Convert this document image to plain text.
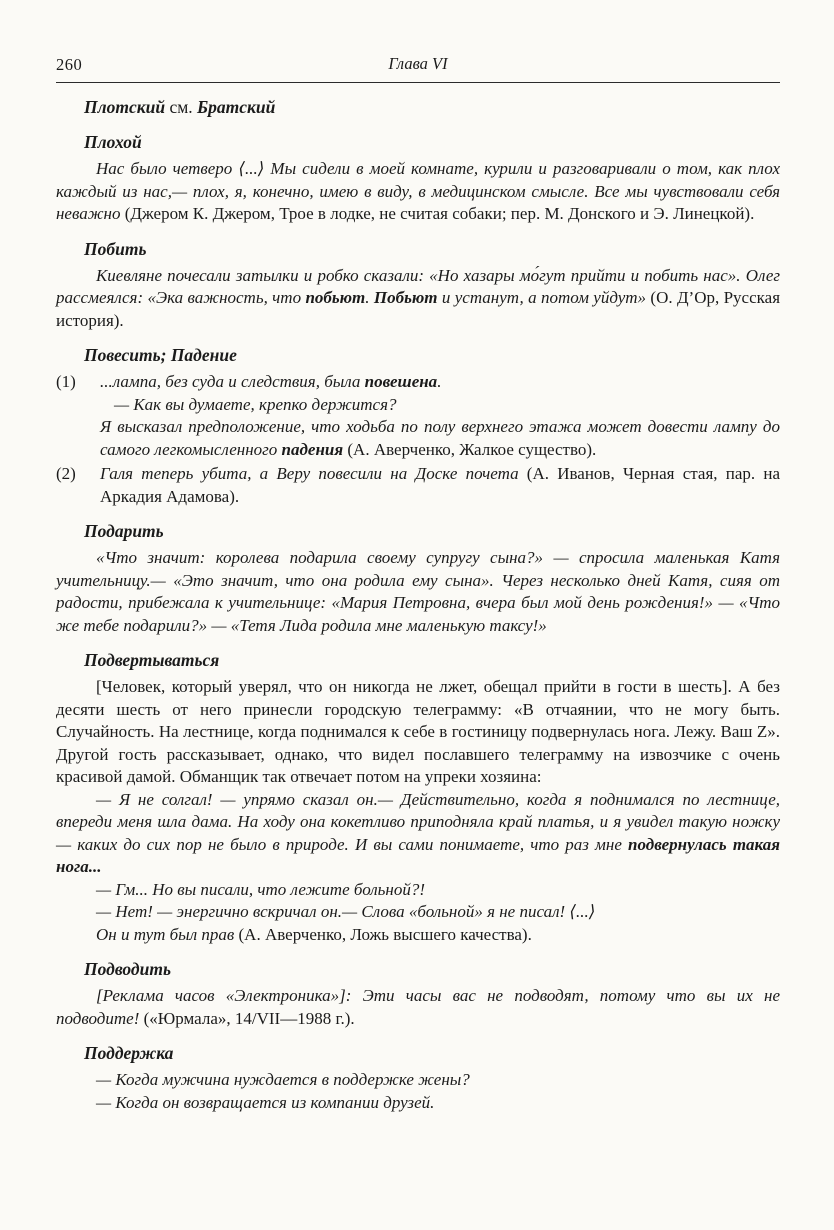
260	Глава VI
Плотский см. Братский
Плохой

Нас было четверо ⟨...⟩ Мы сидели в моей комнате, курили и разговаривали о том, как плох каждый из нас,— плох, я, конечно, имею в виду, в медицинском смысле. Все мы чувствовали себя неважно (Джером К. Джером, Трое в лодке, не считая собаки; пер. М. Донского и Э. Линецкой).

Побить

Киевляне почесали затылки и робко сказали: «Но хазары мо́гут прийти и побить нас». Олег рассмеялся: «Эка важность, что побьют. Побьют и устанут, а потом уйдут» (О. Д’Ор, Русская история).

Повесить; Падение
(1)	...лампа, без суда и следствия, была повешена.

— Как вы думаете, крепко держится?

Я высказал предположение, что ходьба по полу верхнего этажа может довести лампу до самого легкомысленного падения (А. Аверченко, Жалкое существо).

(2)	Галя теперь убита, а Веру повесили на Доске почета (А. Иванов, Черная стая, пар. на Аркадия Адамова).

Подарить

«Что значит: королева подарила своему супругу сына?» — спросила маленькая Катя учительницу.— «Это значит, что она родила ему сына». Через несколько дней Катя, сияя от радости, прибежала к учительнице: «Мария Петровна, вчера был мой день рождения!» — «Что же тебе подарили?» — «Тетя Лида родила мне маленькую таксу!»

Подвертываться

[Человек, который уверял, что он никогда не лжет, обещал прийти в гости в шесть]. А без десяти шесть от него принесли городскую телеграмму: «В отчаянии, что не могу быть. Случайность. На лестнице, когда поднимался к себе в гостиницу подвернулась нога. Лежу. Ваш Z». Другой гость рассказывает, однако, что видел пославшего телеграмму на извозчике с очень красивой дамой. Обманщик так отвечает потом на упреки хозяина:

— Я не солгал! — упрямо сказал он.— Действительно, когда я поднимался по лестнице, впереди меня шла дама. На ходу она кокетливо приподняла край платья, и я увидел такую ножку — каких до сих пор не было в природе. И вы сами понимаете, что раз мне подвернулась такая нога...

— Гм... Но вы писали, что лежите больной?!

— Нет! — энергично вскричал он.— Слова «больной» я не писал! ⟨...⟩

Он и тут был прав (А. Аверченко, Ложь высшего качества).

Подводить

[Реклама часов «Электроника»]: Эти часы вас не подводят, потому что вы их не подводите! («Юрмала», 14/VII—1988 г.).

Поддержка

— Когда мужчина нуждается в поддержке жены?

— Когда он возвращается из компании друзей.
